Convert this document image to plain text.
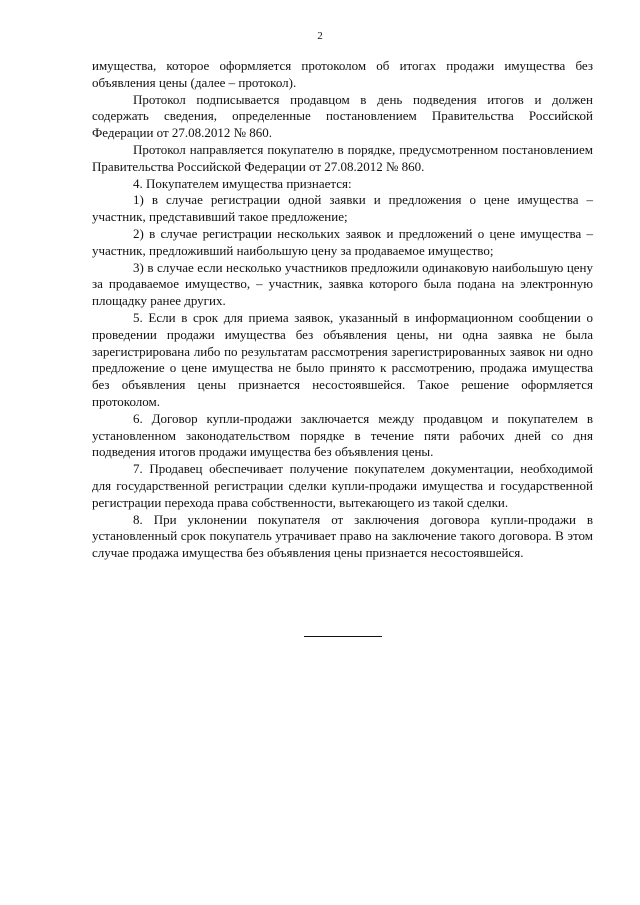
2

имущества, которое оформляется протоколом об итогах продажи имущества без объявления цены (далее – протокол).

Протокол подписывается продавцом в день подведения итогов и должен содержать сведения, определенные постановлением Правительства Российской Федерации от 27.08.2012 № 860.

Протокол направляется покупателю в порядке, предусмотренном постановлением Правительства Российской Федерации от 27.08.2012 № 860.

4. Покупателем имущества признается:

1) в случае регистрации одной заявки и предложения о цене имущества – участник, представивший такое предложение;

2) в случае регистрации нескольких заявок и предложений о цене имущества – участник, предложивший наибольшую цену за продаваемое имущество;

3) в случае если несколько участников предложили одинаковую наибольшую цену за продаваемое имущество, – участник, заявка которого была подана на электронную площадку ранее других.

5. Если в срок для приема заявок, указанный в информационном сообщении о проведении продажи имущества без объявления цены, ни одна заявка не была зарегистрирована либо по результатам рассмотрения зарегистрированных заявок ни одно предложение о цене имущества не было принято к рассмотрению, продажа имущества без объявления цены признается несостоявшейся. Такое решение оформляется протоколом.

6. Договор купли-продажи заключается между продавцом и покупателем в установленном законодательством порядке в течение пяти рабочих дней со дня подведения итогов продажи имущества без объявления цены.

7. Продавец обеспечивает получение покупателем документации, необходимой для государственной регистрации сделки купли-продажи имущества и государственной регистрации перехода права собственности, вытекающего из такой сделки.

8. При уклонении покупателя от заключения договора купли-продажи в установленный срок покупатель утрачивает право на заключение такого договора. В этом случае продажа имущества без объявления цены признается несостоявшейся.
